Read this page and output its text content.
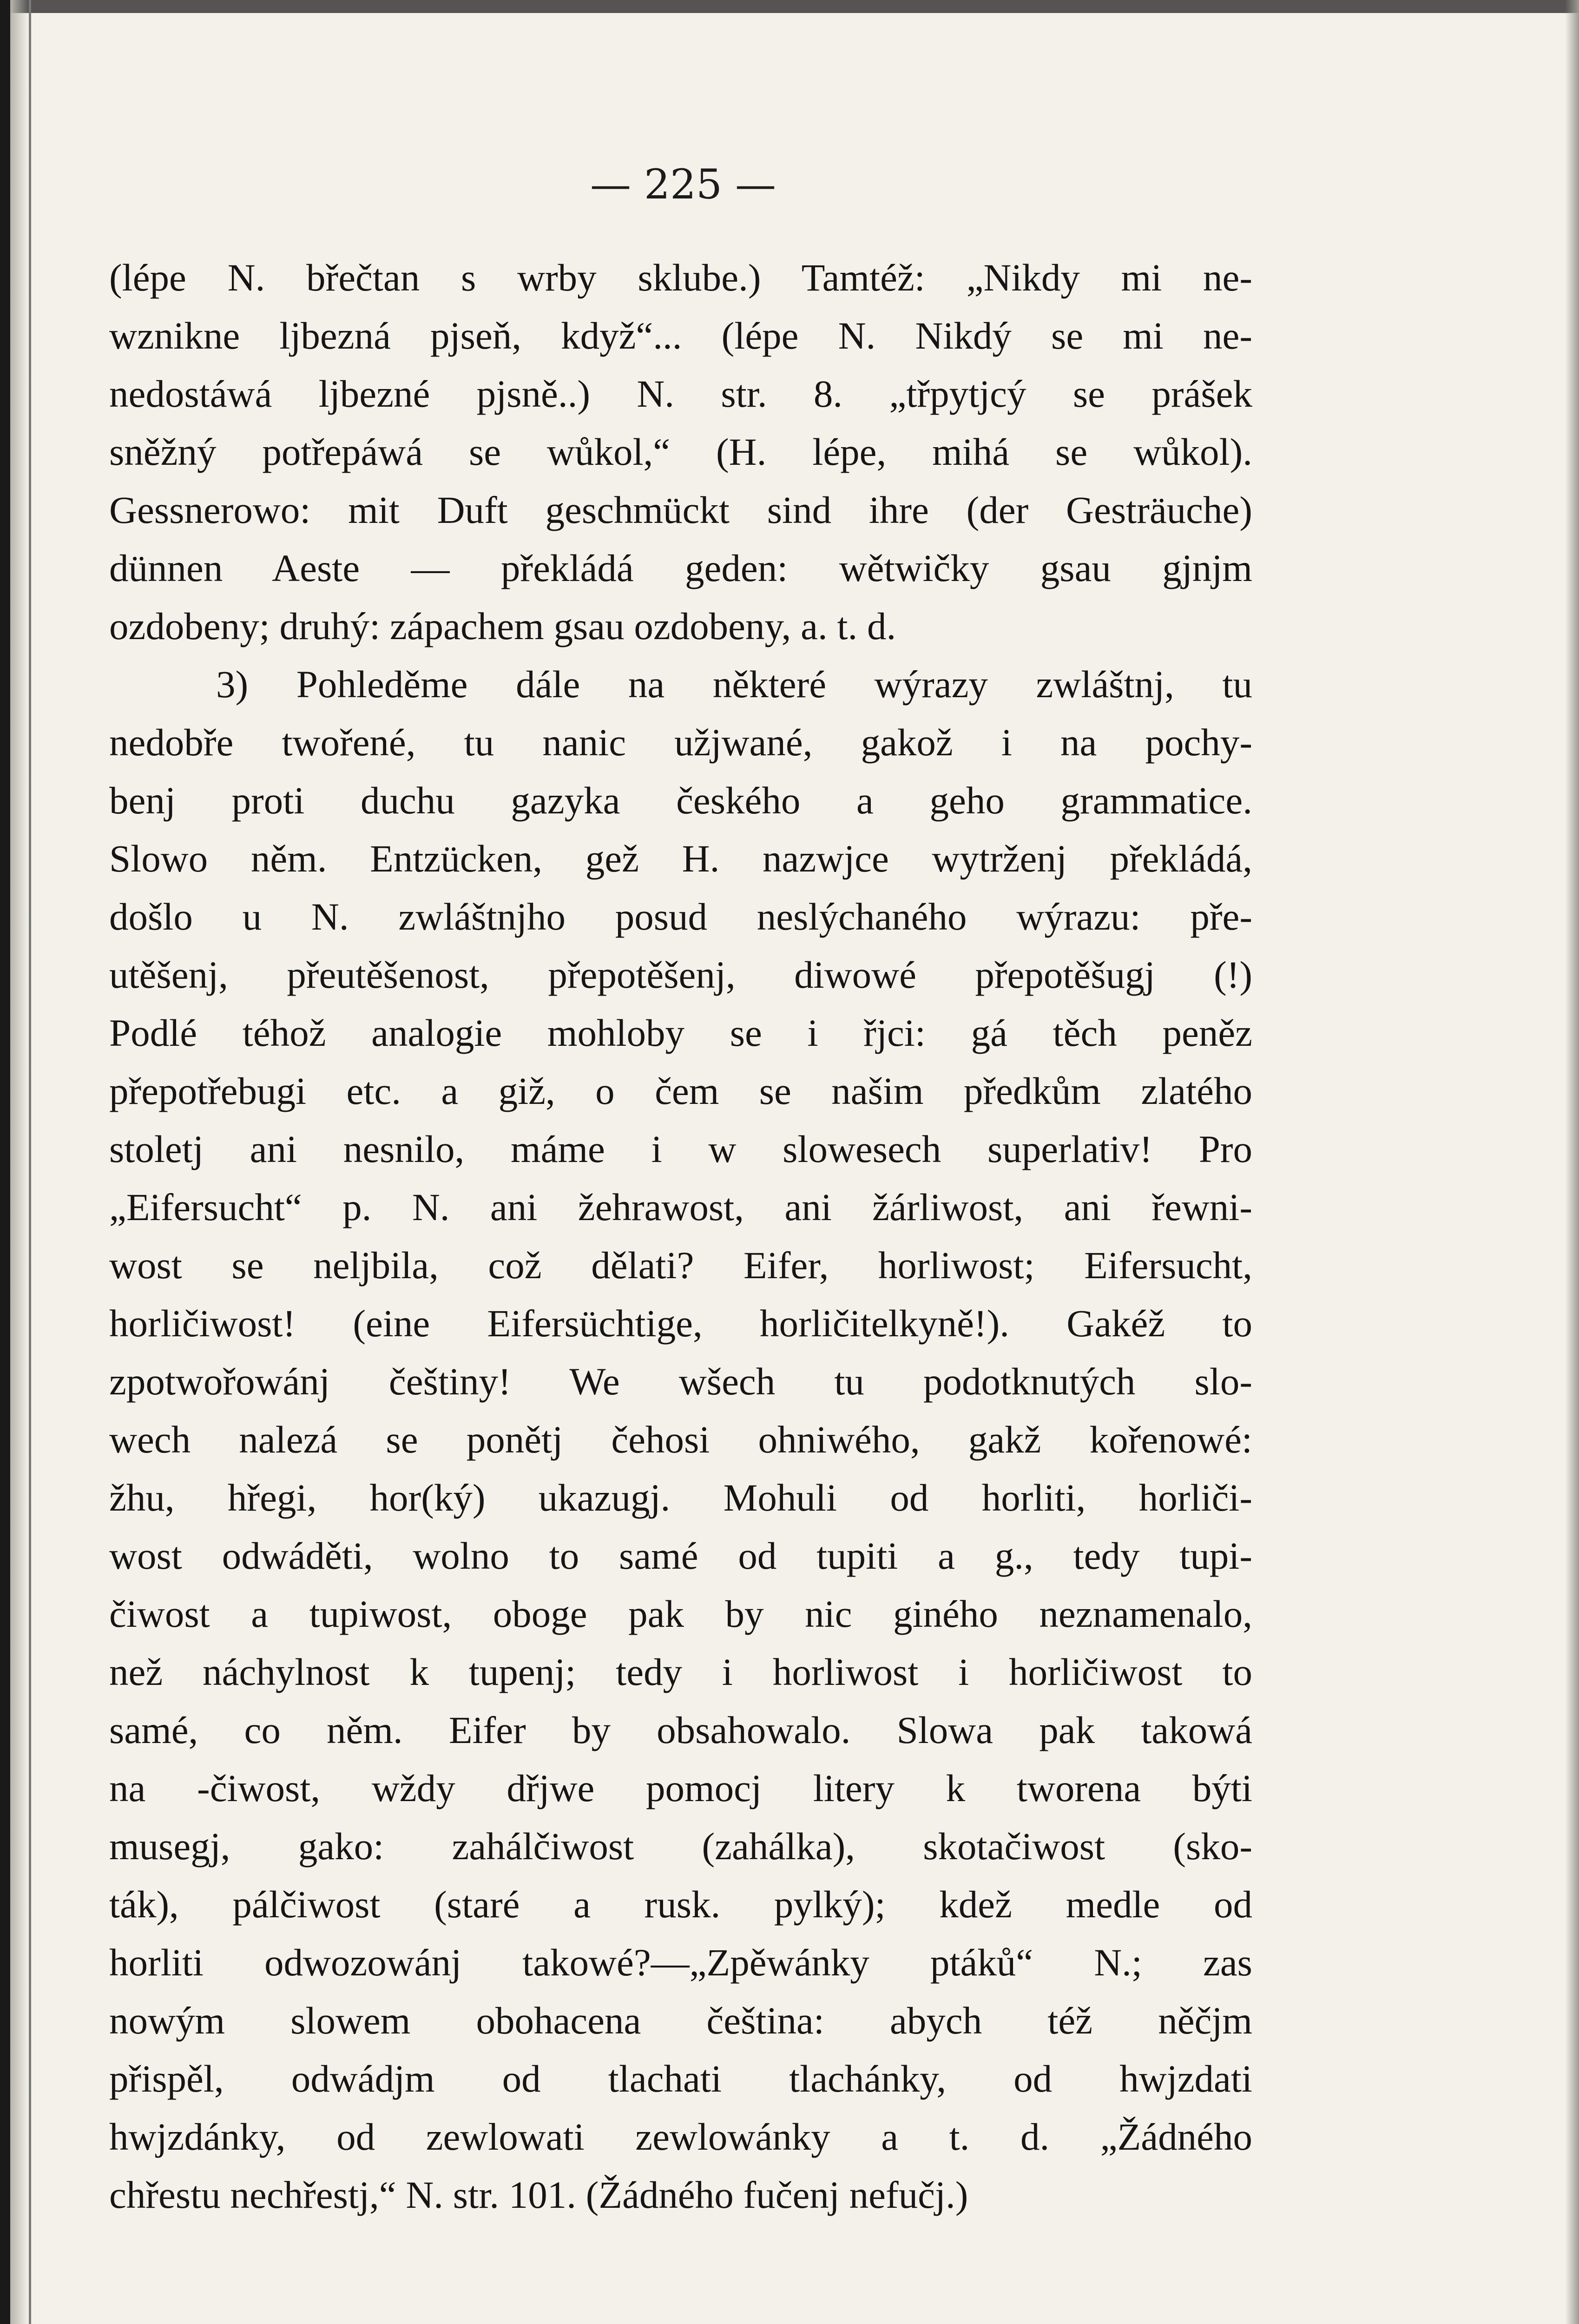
— 225 —
(lépe N. břečtan s wrby sklube.) Tamtéž: „Nikdy mi ne-
wznikne ljbezná pjseň, když“... (lépe N. Nikdý se mi ne-
nedostáwá ljbezné pjsně..) N. str. 8. „třpytjcý se prášek
sněžný potřepáwá se wůkol,“ (H. lépe, mihá se wůkol).
Gessnerowo: mit Duft geschmückt sind ihre (der Gesträuche)
dünnen Aeste — překládá geden: wětwičky gsau gjnjm
ozdobeny; druhý: zápachem gsau ozdobeny, a. t. d.
3) Pohleděme dále na některé wýrazy zwláštnj, tu
nedobře twořené, tu nanic užjwané, gakož i na pochy-
benj proti duchu gazyka českého a geho grammatice.
Slowo něm. Entzücken, gež H. nazwjce wytrženj překládá,
došlo u N. zwláštnjho posud neslýchaného wýrazu: pře-
utěšenj, přeutěšenost, přepotěšenj, diwowé přepotěšugj (!)
Podlé téhož analogie mohloby se i řjci: gá těch peněz
přepotřebugi etc. a giž, o čem se našim předkům zlatého
stoletj ani nesnilo, máme i w slowesech superlativ! Pro
„Eifersucht“ p. N. ani žehrawost, ani žárliwost, ani řewni-
wost se neljbila, což dělati? Eifer, horliwost; Eifersucht,
horličiwost! (eine Eifersüchtige, horličitelkyně!). Gakéž to
zpotwořowánj češtiny! We wšech tu podotknutých slo-
wech nalezá se ponětj čehosi ohniwého, gakž kořenowé:
žhu, hřegi, hor(ký) ukazugj. Mohuli od horliti, horliči-
wost odwáděti, wolno to samé od tupiti a g., tedy tupi-
čiwost a tupiwost, oboge pak by nic giného neznamenalo,
než náchylnost k tupenj; tedy i horliwost i horličiwost to
samé, co něm. Eifer by obsahowalo. Slowa pak takowá
na -čiwost, wždy dřjwe pomocj litery k tworena býti
musegj, gako: zahálčiwost (zahálka), skotačiwost (sko-
ták), pálčiwost (staré a rusk. pylký); kdež medle od
horliti odwozowánj takowé?—„Zpěwánky ptáků“ N.; zas
nowým slowem obohacena čeština: abych též něčjm
přispěl, odwádjm od tlachati tlachánky, od hwjzdati
hwjzdánky, od zewlowati zewlowánky a t. d. „Žádného
chřestu nechřestj,“ N. str. 101. (Žádného fučenj nefučj.)
